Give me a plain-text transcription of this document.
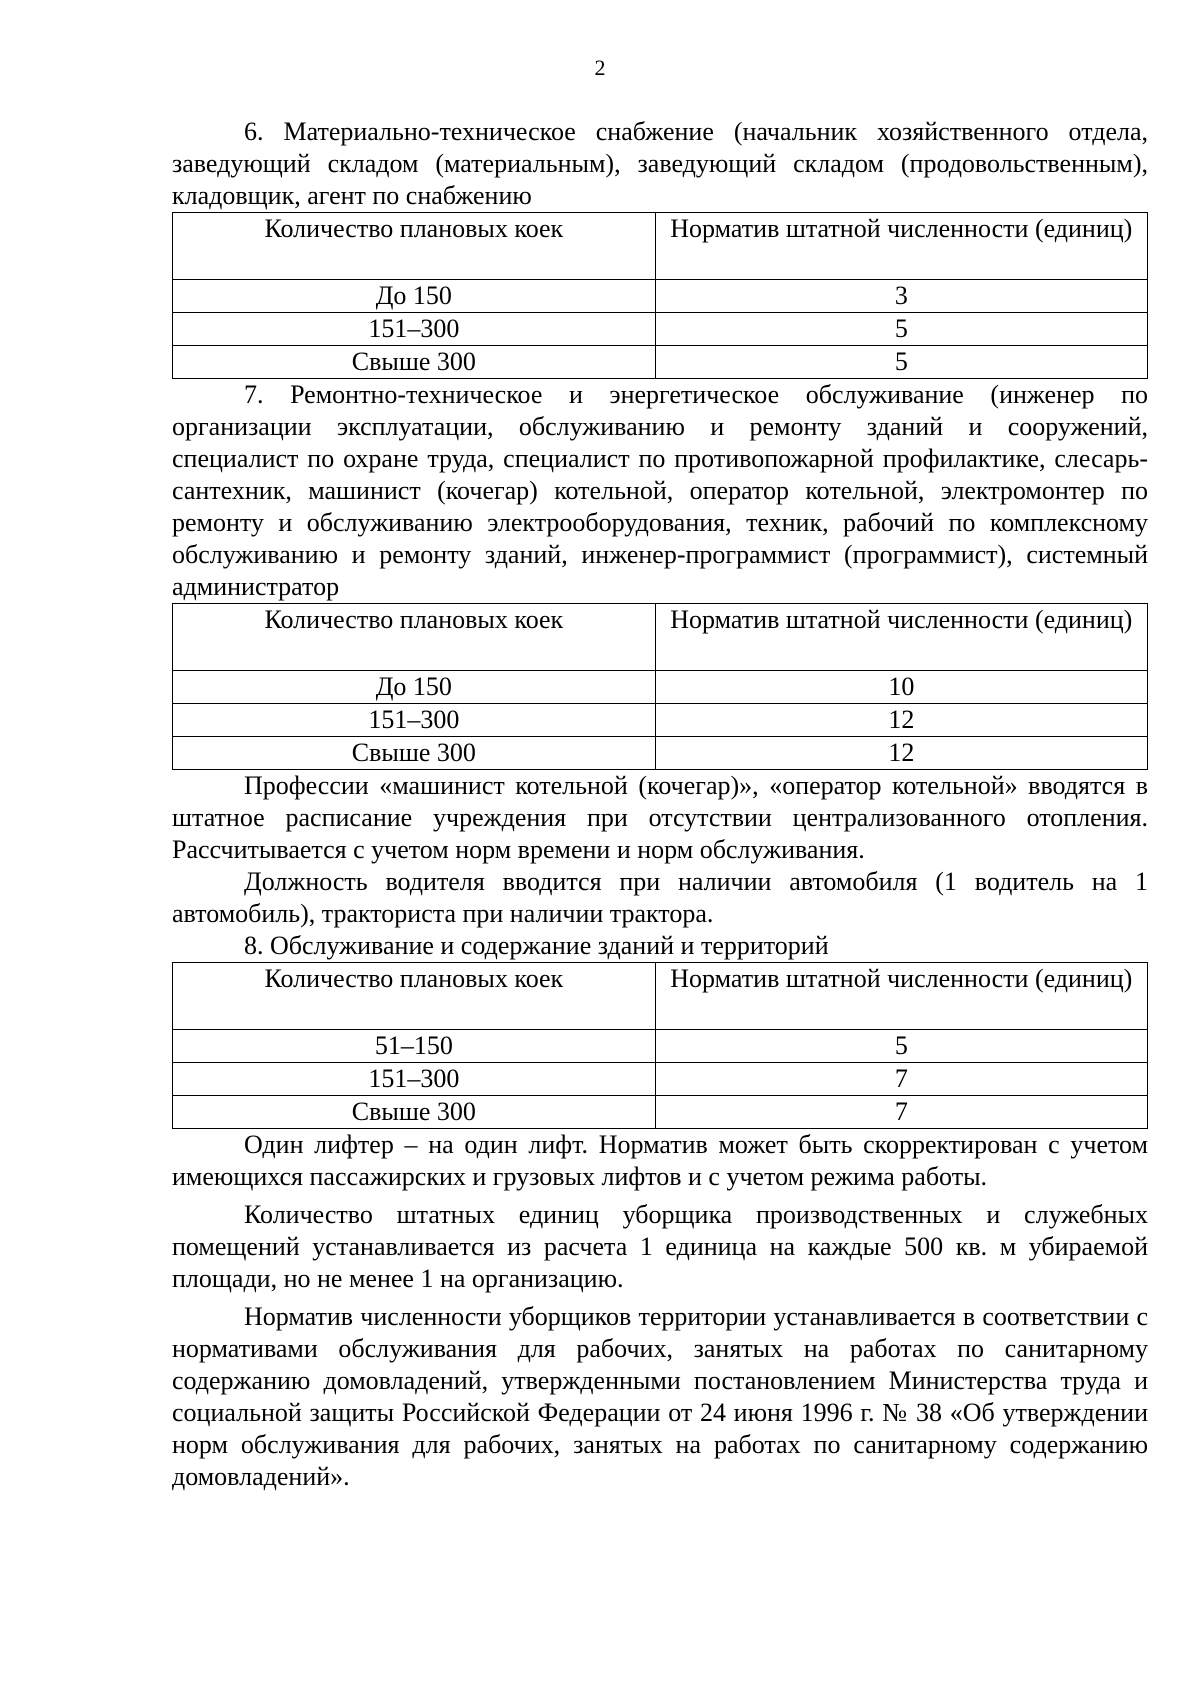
2

6. Материально-техническое снабжение (начальник хозяйственного отдела, заведующий складом (материальным), заведующий складом (продовольственным), кладовщик, агент по снабжению

Количество плановых коек	Норматив штатной численности (единиц)
До 150	3
151–300	5
Свыше 300	5

7. Ремонтно-техническое и энергетическое обслуживание (инженер по организации эксплуатации, обслуживанию и ремонту зданий и сооружений, специалист по охране труда, специалист по противопожарной профилактике, слесарь-сантехник, машинист (кочегар) котельной, оператор котельной, электромонтер по ремонту и обслуживанию электрооборудования, техник, рабочий по комплексному обслуживанию и ремонту зданий, инженер-программист (программист), системный администратор

Количество плановых коек	Норматив штатной численности (единиц)
До 150	10
151–300	12
Свыше 300	12

Профессии «машинист котельной (кочегар)», «оператор котельной» вводятся в штатное расписание учреждения при отсутствии централизованного отопления. Рассчитывается с учетом норм времени и норм обслуживания.

Должность водителя вводится при наличии автомобиля (1 водитель на 1 автомобиль), тракториста при наличии трактора.

8. Обслуживание и содержание зданий и территорий

Количество плановых коек	Норматив штатной численности (единиц)
51–150	5
151–300	7
Свыше 300	7

Один лифтер – на один лифт. Норматив может быть скорректирован с учетом имеющихся пассажирских и грузовых лифтов и с учетом режима работы.

Количество штатных единиц уборщика производственных и служебных помещений устанавливается из расчета 1 единица на каждые 500 кв. м убираемой площади, но не менее 1 на организацию.

Норматив численности уборщиков территории устанавливается в соответствии с нормативами обслуживания для рабочих, занятых на работах по санитарному содержанию домовладений, утвержденными постановлением Министерства труда и социальной защиты Российской Федерации от 24 июня 1996 г. № 38 «Об утверждении норм обслуживания для рабочих, занятых на работах по санитарному содержанию домовладений».
